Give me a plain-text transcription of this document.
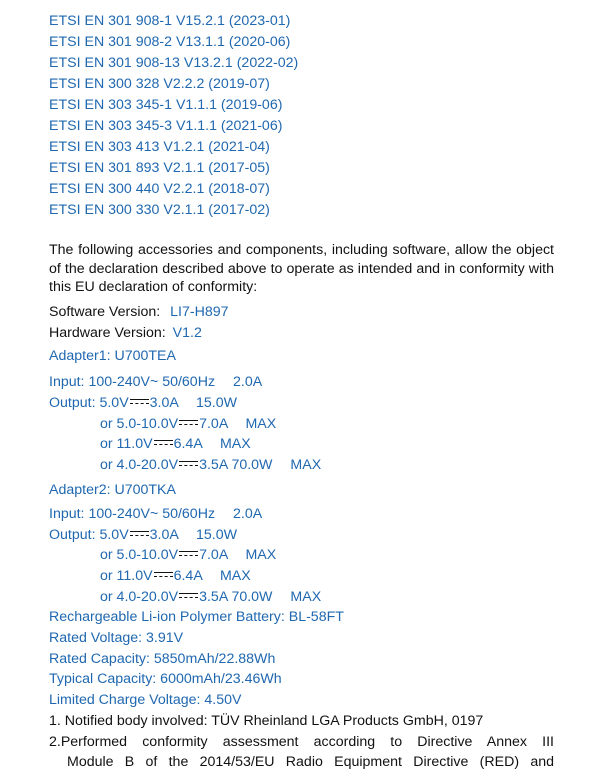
ETSI EN 301 908-1 V15.2.1 (2023-01)
ETSI EN 301 908-2 V13.1.1 (2020-06)
ETSI EN 301 908-13 V13.2.1 (2022-02)
ETSI EN 300 328 V2.2.2 (2019-07)
ETSI EN 303 345-1 V1.1.1 (2019-06)
ETSI EN 303 345-3 V1.1.1 (2021-06)
ETSI EN 303 413 V1.2.1 (2021-04)
ETSI EN 301 893 V2.1.1 (2017-05)
ETSI EN 300 440 V2.2.1 (2018-07)
ETSI EN 300 330 V2.1.1 (2017-02)
The following accessories and components, including software, allow the object of the declaration described above to operate as intended and in conformity with this EU declaration of conformity:
Software Version: LI7-H897
Hardware Version: V1.2
Adapter1: U700TEA
Input: 100-240V~ 50/60Hz 2.0A
Output: 5.0V 3.0A 15.0W
or 5.0-10.0V 7.0A MAX
or 11.0V 6.4A MAX
or 4.0-20.0V 3.5A 70.0W MAX
Adapter2: U700TKA
Input: 100-240V~ 50/60Hz 2.0A
Output: 5.0V 3.0A 15.0W
or 5.0-10.0V 7.0A MAX
or 11.0V 6.4A MAX
or 4.0-20.0V 3.5A 70.0W MAX
Rechargeable Li-ion Polymer Battery: BL-58FT
Rated Voltage: 3.91V
Rated Capacity: 5850mAh/22.88Wh
Typical Capacity: 6000mAh/23.46Wh
Limited Charge Voltage: 4.50V
1. Notified body involved: TÜV Rheinland LGA Products GmbH, 0197
2.Performed conformity assessment according to Directive Annex III
Module B of the 2014/53/EU Radio Equipment Directive (RED) and
